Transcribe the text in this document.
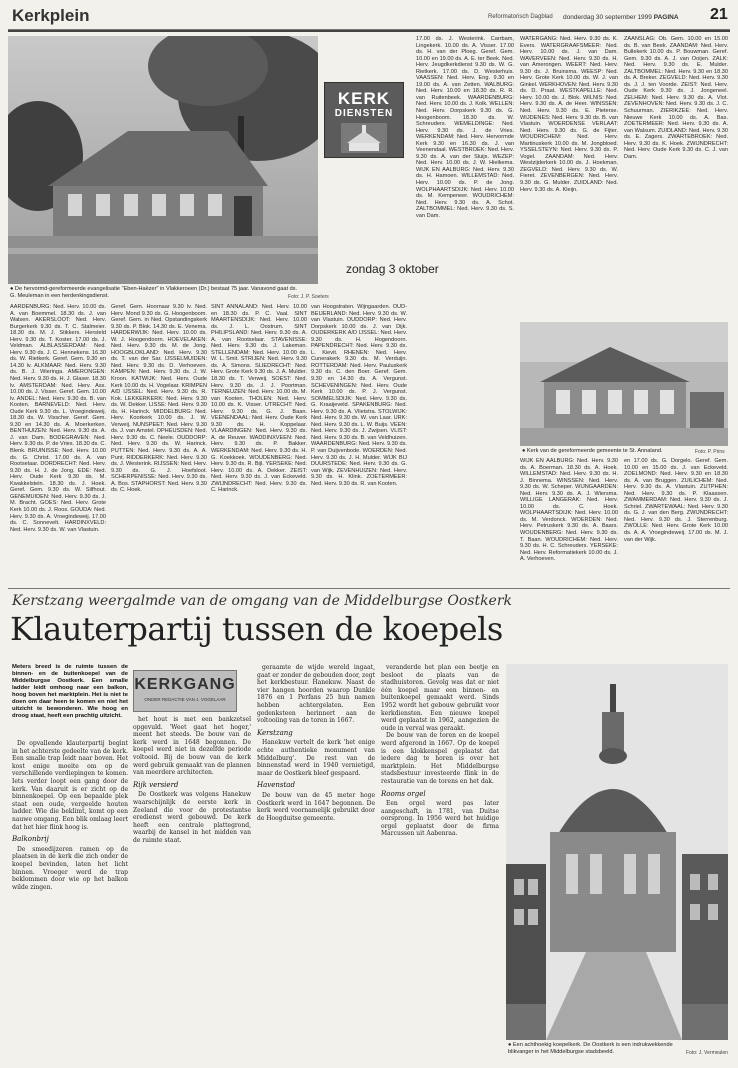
Kerkplein	Reformatorisch Dagblad donderdag 30 september 1999 PAGINA 21
● De hervormd-gereformeerde evangelisatie "Eben-Haëzer" in Vlakkeroeen (Dr.) bestaat 75 jaar. Vanavond gaat ds. G. Meuleman in een herdenkingsdienst.	Foto: J. P. Soeters
KERK
DIENSTEN
zondag 3 oktober
AARDENBURG: Ned. Herv. 10.00 ds. A. van Boemmel. 18.30 ds. J. van Walsen. AKERSLOOT: Ned. Herv. Burgerkerk 9.30 ds. T. C. Stalmeier. 18.30 ds. M. J. Stikkers. Hersteld Herv. 9.30 ds. T. Koster. 17.00 ds. J. Veldman. ALBLASSERDAM: Ned. Herv. 9.30 ds. J. C. Hennekens. 16.30 ds. W. Rietkerk. Geref. Gem. 9.30 en 14.30 lv. ALKMAAR: Ned. Herv. 9.30 ds. B. J. Wieringa. AMERONGEN: Ned. Herv. 9.30 ds. H. J. Glaser. 18.30 lv. AMSTERDAM: Ned. Herv. Ass. 10.00 ds. J. Visser. Geref. Gem. 10.00 lv. ANDEL: Ned. Herv. 9.30 ds. B. van Kooten. BARNEVELD: Ned. Herv. Oude Kerk 9.30 ds. L. Vroegindeweij. 18.30 ds. W. Visscher. Geref. Gem. 9.30 en 14.30 ds. A. Moerkerken. BENTHUIZEN: Ned. Herv. 9.30 ds. A. J. van Dam. BODEGRAVEN: Ned. Herv. 9.30 ds. P. de Vries. 18.30 ds. C. Blenk. BRUINISSE: Ned. Herv. 10.00 ds. G. Christ. 17.00 ds. A. van Rootselaar. DORDRECHT: Ned. Herv. 9.30 ds. H. J. de Jong. EDE: Ned. Herv. Oude Kerk 9.30 ds. M. Kwakkelstein. 18.30 ds. J. Hoek. Geref. Gem. 9.30 ds. W. Silfhout. GENEMUIDEN: Ned. Herv. 9.30 ds. J. M. Bracht. GOES: Ned. Herv. Grote Kerk 10.00 ds. J. Roos. GOUDA: Ned. Herv. 9.30 ds. A. Vroegindeweij. 17.00 ds. C. Sonnevelt. HARDINXVELD: Ned. Herv. 9.30 ds. W. van Vlastuin.
Geref. Gem. Hoornaar 9.30 lv. Ned. Herv. Mond 9.30 ds. G. Hoogenboom. Geref. Gem. in Ned. Opstandingskerk 9.30 ds. P. Blok. 14.30 ds. E. Venema. HARDERWIJK: Ned. Herv. 10.00 ds. W. J. Hoogendoorn. HOEVELAKEN: Ned. Herv. 9.30 ds. M. de Jong. HOOGBLOKLAND: Ned. Herv. 9.30 ds. T. van der Sar. IJSSELMUIDEN: Ned. Herv. 9.30 ds. D. Verhoeven. KAMPEN: Ned. Herv. 9.30 ds. J. W. Kroon. KATWIJK: Ned. Herv. Oude Kerk 10.00 ds. H. Vogelaar. KRIMPEN A/D IJSSEL: Ned. Herv. 9.30 ds. R. Kok. LEKKERKERK: Ned. Herv. 9.30 ds. W. Dekker. LISSE: Ned. Herv. 9.30 ds. H. Harinck. MIDDELBURG: Ned. Herv. Koorkerk 10.00 ds. J. W. Verweij. NUNSPEET: Ned. Herv. 9.30 ds. J. van Amstel. OPHEUSDEN: Ned. Herv. 9.30 ds. C. Neele. OUDDORP: Ned. Herv. 9.30 ds. W. Harinck. PUTTEN: Ned. Herv. 9.30 ds. A. A. Punt. RIDDERKERK: Ned. Herv. 9.30 ds. J. Westerink. RIJSSEN: Ned. Herv. 9.30 ds. G. J. Hoefsloot. SCHERPENISSE: Ned. Herv. 9.30 ds. A. Bos. STAPHORST: Ned. Herv. 9.30 ds. C. Hoek.
SINT ANNALAND: Ned. Herv. 10.00 en 18.30 ds. P. C. Vaal. SINT MAARTENSDIJK: Ned. Herv. 10.00 ds. J. L. Oostrum. SINT PHILIPSLAND: Ned. Herv. 9.30 ds. A. A. van Rootselaar. STAVENISSE: Ned. Herv. 9.30 ds. J. Lakeman. STELLENDAM: Ned. Herv. 10.00 ds. W. L. Smit. STRIJEN: Ned. Herv. 9.30 ds. A. Simons. SLIEDRECHT: Ned. Herv. Grote Kerk 9.30 ds. J. A. Mulder. 18.30 ds. T. Verweij. SOEST: Ned. Herv. 9.30 ds. J. J. Poortman. TERNEUZEN: Ned. Herv. 10.00 ds. M. van Kooten. THOLEN: Ned. Herv. 10.00 ds. K. Visser. UTRECHT: Ned. Herv. 9.30 ds. G. J. Baan. VEENENDAAL: Ned. Herv. Oude Kerk 9.30 ds. H. Koppelaar. VLAARDINGEN: Ned. Herv. 9.30 ds. A. de Reuver. WADDINXVEEN: Ned. Herv. 9.30 ds. P. Bakker. WERKENDAM: Ned. Herv. 9.30 ds. H. G. Koekkoek. WOUDENBERG: Ned. Herv. 9.30 ds. R. Bijl. YERSEKE: Ned. Herv. 10.00 ds. A. Dekker. ZEIST: Ned. Herv. 9.30 ds. J. van Eckeveld. ZWIJNDRECHT: Ned. Herv. 9.30 ds. C. Harinck.
van Hoogstraten. Wijngaarden. OUD-BEIJERLAND: Ned. Herv. 9.30 ds. W. van Vlastuin. OUDDORP: Ned. Herv. Dorpskerk 10.00 ds. J. van Dijk. OUDERKERK A/D IJSSEL: Ned. Herv. 9.30 ds. H. Hogendoorn. PAPENDRECHT: Ned. Herv. 9.30 ds. L. Kievit. RHENEN: Ned. Herv. Cunerakerk 9.30 ds. M. Verduijn. ROTTERDAM: Ned. Herv. Pauluskerk 9.30 ds. C. den Boer. Geref. Gem. 9.30 en 14.30 ds. A. Vergunst. SCHEVENINGEN: Ned. Herv. Oude Kerk 10.00 ds. P. J. Vergunst. SOMMELSDIJK: Ned. Herv. 9.30 ds. G. Kraaijeveld. SPAKENBURG: Ned. Herv. 9.30 ds. A. Vlietstra. STOLWIJK: Ned. Herv. 9.30 ds. W. van Laar. URK: Ned. Herv. 9.30 ds. L. W. Buijs. VEEN: Ned. Herv. 9.30 ds. J. Zwijsen. VLIST: Ned. Herv. 9.30 ds. B. van Veldhuizen. WAARDENBURG: Ned. Herv. 9.30 ds. P. van Duijvenbode. WOERDEN: Ned. Herv. 9.30 ds. J. H. Mulder. WIJK BIJ DUURSTEDE: Ned. Herv. 9.30 ds. G. van Wijk. ZEVENHUIZEN: Ned. Herv. 9.30 ds. H. Klink. ZOETERMEER: Ned. Herv. 9.30 ds. R. van Kooten.
17.00 ds. J. Westerink. Carrbam, Lingekerk. 10.00 ds. A. Visser. 17.00 ds. H. van der Ploeg. Geref. Gem. 10.00 en 19.00 ds. A. E. ter Beek. Ned. Herv. Jeugdkerkdienst 9.30 ds. W. G. Rietkerk. 17.00 ds. D. Westerhuis. VAASSEN: Ned. Herv. Eng. 9.30 en 19.00 ds. A. van Zetten. WALBURG: Ned. Herv. 10.00 en 18.30 ds. R. R. van Ruitenbeek. WAARDENBURG: Ned. Herv. 10.00 ds. J. Kolk. WELLEN: Ned. Herv. Dorpskerk 9.30 ds. G. Hoogenboom. 18.30 ds. W. Schreuders. WEMELDINGE: Ned. Herv. 9.30 ds. J. de Vries. WERKENDAM: Ned. Herv. Hervormde Kerk 9.30 en 16.30 ds. J. van Veenendaal. WESTBROEK: Ned. Herv. 9.30 ds. A. van der Sluijs. WEZEP: Ned. Herv. 10.00 ds. J. W. Hielkema. WIJK EN AALBURG: Ned. Herv. 9.30 ds. H. Hamoen. WILLEMSTAD: Ned. Herv. 10.00 ds. P. de Jong. WOLPHAARTSDIJK: Ned. Herv. 10.00 ds. M. Kempeneer. WOUDRICHEM: Ned. Herv. 9.30 ds. A. Schot. ZALTBOMMEL: Ned. Herv. 9.30 ds. S. van Dam.
WATERGANG: Ned. Herv. 9.30 ds. K. Evers. WATERGRAAFSMEER: Ned. Herv. 10.00 ds. J. van Dam. WAVERVEEN: Ned. Herv. 9.30 ds. H. van Amerongen. WEERT: Ned. Herv. 9.30 ds. J. Bruinsma. WEESP: Ned. Herv. Grote Kerk 10.00 ds. W. J. van Ginkel. WERKHOVEN: Ned. Herv. 9.30 ds. D. Praat. WESTKAPELLE: Ned. Herv. 10.00 ds. J. Blok. WILNIS: Ned. Herv. 9.30 ds. A. de Heer. WINSSEN: Ned. Herv. 9.30 ds. E. Pieterse. WIJDENES: Ned. Herv. 9.30 ds. B. van Vlastuin. WOERDENSE VERLAAT: Ned. Herv. 9.30 ds. G. de Fijter. WOUDRICHEM: Ned. Herv. Martinuskerk 10.00 ds. M. Jongbloed. YSSELSTEYN: Ned. Herv. 9.30 ds. P. Vogel. ZAANDAM: Ned. Herv. Westzijderkerk 10.00 ds. J. Hoekman. ZEGVELD: Ned. Herv. 9.30 ds. W. Fieret. ZEVENBERGEN: Ned. Herv. 9.30 ds. G. Mulder. ZUIDLAND: Ned. Herv. 9.30 ds. A. Kleijn.
ZAANSLAG: Ob. Gem. 10.00 en 15.00 ds. B. van Beek. ZAANDAM: Ned. Herv. Bullekerk 10.00 ds. P. Bouwman. Geref. Gem. 9.30 ds. A. J. van Ooijen. ZALK: Ned. Herv. 9.30 ds. E. Mulder. ZALTBOMMEL: Ned. Herv. 9.30 en 18.30 ds. A. Breker. ZEGVELD: Ned. Herv. 9.30 ds. J. J. ten Voorde. ZEIST: Ned. Herv. Oude Kerk 9.30 ds. J. Jongeneel. ZELHEM: Ned. Herv. 9.30 ds. A. Vlot. ZEVENHOVEN: Ned. Herv. 9.30 ds. J. C. Schuurman. ZIERIKZEE: Ned. Herv. Nieuwe Kerk 10.00 ds. A. Bas. ZOETERMEER: Ned. Herv. 9.30 ds. A. van Walsum. ZUIDLAND: Ned. Herv. 9.30 ds. E. Zagers. ZWARTEBROEK: Ned. Herv. 9.30 ds. K. Hoek. ZWIJNDRECHT: Ned. Herv. Oude Kerk 9.30 ds. C. J. van Dam.
● Kerk van de gereformeerde gemeente te St. Annaland.	Foto: P. Prins
WIJK EN AALBURG: Ned. Herv. 9.30 ds. A. Boerman. 18.30 ds. A. Hoek. WILLEMSTAD: Ned. Herv. 9.30 ds. H. J. Binnema. WINSSEN: Ned. Herv. 9.30 ds. W. Scheper. WIJNGAARDEN: Ned. Herv. 9.30 ds. A. J. Wiersma. WILLIGE LANGERAK: Ned. Herv. 10.00 ds. C. Hoek. WOLPHAARTSDIJK: Ned. Herv. 10.00 ds. M. Verdonck. WOERDEN: Ned. Herv. Petruskerk 9.30 ds. A. Baars. WOUDENBERG: Ned. Herv. 9.30 ds. T. Baan. WOUDRICHEM: Ned. Herv. 9.30 ds. H. C. Schreuders. YERSEKE: Ned. Herv. Reformatiekerk 10.00 ds. J. A. Verhoeven.
en 17.00 ds. G. Dorgelo. Geref. Gem. 10.00 en 15.00 ds. J. van Eckeveld. ZOELMOND: Ned. Herv. 9.30 en 18.30 ds. A. van Bruggen. ZUILICHEM: Ned. Herv. 9.30 ds. A. Vlastuin. ZUTPHEN: Ned. Herv. 9.30 ds. P. Klaassen. ZWAMMERDAM: Ned. Herv. 9.30 ds. J. Schriel. ZWARTEWAAL: Ned. Herv. 9.30 ds. G. J. van den Berg. ZWIJNDRECHT: Ned. Herv. 9.30 ds. J. Sterrenburg. ZWOLLE: Ned. Herv. Grote Kerk 10.00 ds. A. A. Vroegindeweij. 17.00 ds. M. J. van der Wijk.
Kerstzang weergalmde van de omgang van de Middelburgse Oostkerk
Klauterpartij tussen de koepels
Meters breed is de ruimte tussen de binnen- en de buitenkoepel van de Middelburgse Oostkerk. Een smalle ladder leidt omhoog naar een balkon, hoog boven het marktplein. Het is niet te doen om daar heen te komen en niet het uitzicht te bewonderen. Wie hoog en droog staat, heeft een prachtig uitzicht.
KERKGANG
ONDER REDACTIE VAN J. VOGELAAR

De opvallende klauterpartij begint in het achterste gedeelte van de kerk. Een smalle trap leidt naar boven. Het kost enige moeite om op de verschillende verdiepingen te komen. Iets verder loopt een gang door de kerk. Van daaruit is er zicht op de binnenkoepel. Op een bepaalde plek staat een oude, vergeelde houten ladder. Wie die beklimt, komt op een nauwe omgang. Een blik omlaag leert dat het hier flink hoog is.

Balkonbrij

De smeedijzeren ramen op de plaatsen in de kerk die zich onder de koepel bevinden, laten het licht binnen. Vroeger werd de trap beklommen door wie op het balkon wilde zingen.

het hout is met een bankzetsel opgevuld. 'Weet gaat het hoger,' meent het steeds. De bouw van de kerk werd in 1648 begonnen. De koepel werd niet in dezelfde periode voltooid. Bij de bouw van de kerk werd gebruik gemaakt van de plannen van meerdere architecten.

Rijk versierd

De Oostkerk was volgens Hanekuw waarschijnlijk de eerste kerk in Zeeland die voor de protestantse eredienst werd gebouwd. De kerk heeft een centrale plattegrond, waarbij de kansel in het midden van de ruimte staat.

geraamte de wijde wereld ingaat, gaat er zonder de gebouden door, zegt het kerkbestuur. Hanekuw. Naast de vier hangen hoorden waarop Dunkle 1876 en 1 Perfans 25 hun namen hebben achtergelaten. Een gedenksteen herinnert aan de voltooiing van de toren in 1667.

Kerstzang

Hanekuw vertelt de kerk 'het enige echte authentieke monument van Middelburg'. De rest van de binnenstad werd in 1940 vernietigd, maar de Oostkerk bleef gespaard.

Havenstad

De bouw van de 45 meter hoge Oostkerk werd in 1647 begonnen. De kerk werd voornamelijk gebruikt door de Hoogduitse gemeente.

veranderde het plan een beetje en besloot de plaats van de stadhuistoren. Gevolg was dat er niet één koepel maar een binnen- en buitenkoepel gemaakt werd. Sinds 1952 wordt het gebouw gebruikt voor kerkdiensten. Een nieuwe koepel werd geplaatst in 1962, aangezien de oude in verval was geraakt.

De bouw van de toren en de koepel werd afgerond in 1667. Op de koepel is een klokkenspel geplaatst dat iedere dag te horen is over het marktplein. Het Middelburgse stadsbestuur investeerde flink in de restauratie van de torens en het dak.

Rooms orgel

Een orgel werd pas later aangeschaft, in 1781, van Duitse oorsprong. In 1956 werd het huidige orgel geplaatst door de firma Marcussen uit Aabenraa.

● Een achthoekig koepelkerk. De Oostkerk is een indrukwekkende blikvanger in het Middelburgse stadsbeeld.	Foto: J. Vermeulen
